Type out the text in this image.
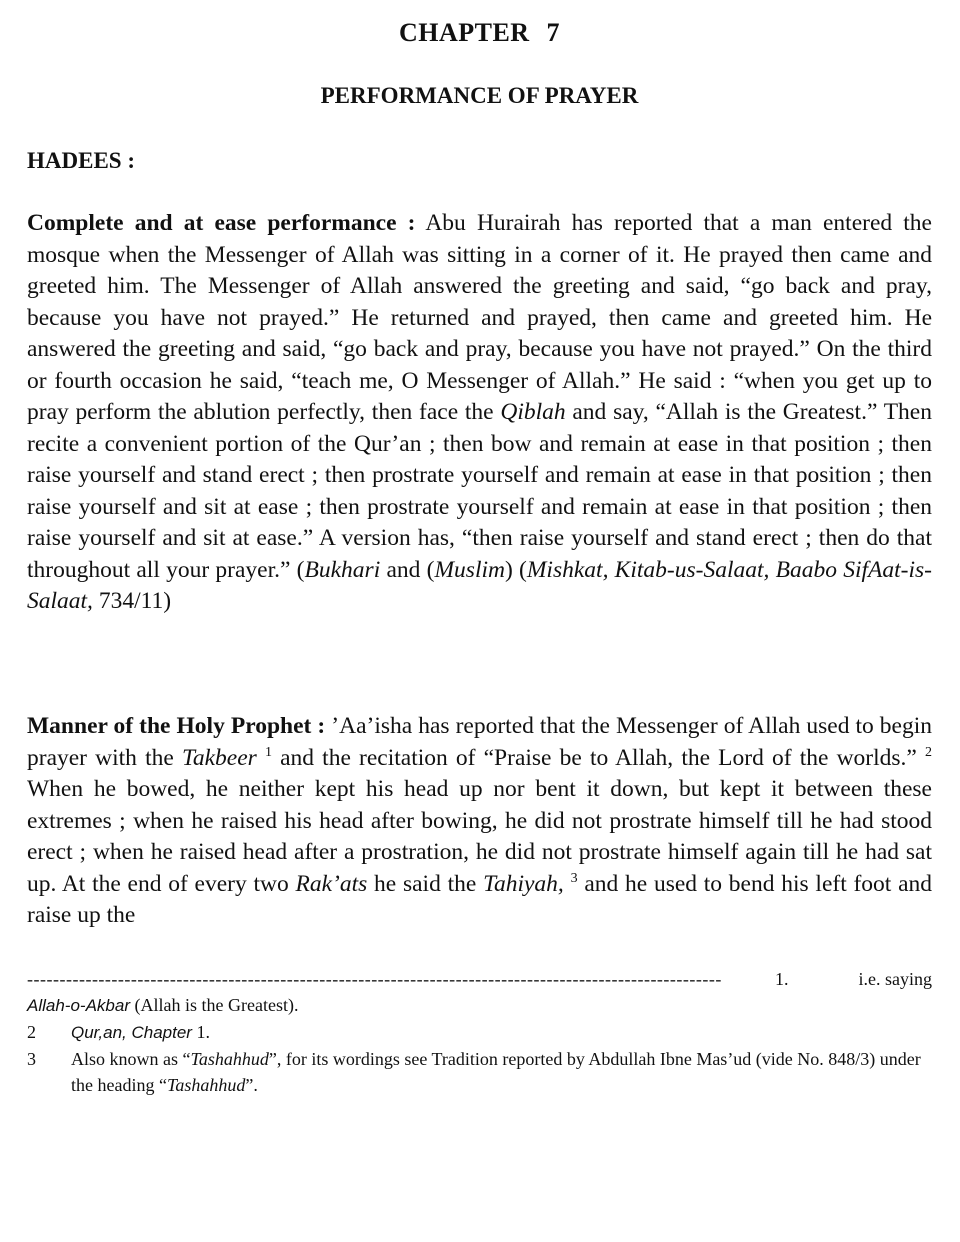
CHAPTER 7
PERFORMANCE OF PRAYER
HADEES :

Complete and at ease performance : Abu Hurairah has reported that a man entered the mosque when the Messenger of Allah was sitting in a corner of it. He prayed then came and greeted him. The Messenger of Allah answered the greeting and said, “go back and pray, because you have not prayed.” He returned and prayed, then came and greeted him. He answered the greeting and said, “go back and pray, because you have not prayed.” On the third or fourth occasion he said, “teach me, O Messenger of Allah.” He said : “when you get up to pray perform the ablution perfectly, then face the Qiblah and say, “Allah is the Greatest.” Then recite a convenient portion of the Qur’an ; then bow and remain at ease in that position ; then raise yourself and stand erect ; then prostrate yourself and remain at ease in that position ; then raise yourself and sit at ease ; then prostrate yourself and remain at ease in that position ; then raise yourself and sit at ease.” A version has, “then raise yourself and stand erect ; then do that throughout all your prayer.” (Bukhari and (Muslim) (Mishkat, Kitab-us-Salaat, Baabo SifAat-is-Salaat, 734/11)

Manner of the Holy Prophet : ’Aa’isha has reported that the Messenger of Allah used to begin prayer with the Takbeer $^1$ and the recitation of “Praise be to Allah, the Lord of the worlds.” $^2$ When he bowed, he neither kept his head up nor bent it down, but kept it between these extremes ; when he raised his head after bowing, he did not prostrate himself till he had stood erect ; when he raised head after a prostration, he did not prostrate himself again till he had sat up. At the end of every two Rak’ats he said the Tahiyah, $^3$ and he used to bend his left foot and raise up the

-----------------------------------------------------------------------------------------------------------	1.	i.e. saying
Allah-o-Akbar (Allah is the Greatest).
2	Qur,an, Chapter 1.
3	Also known as “Tashahhud”, for its wordings see Tradition reported by Abdullah Ibne Mas’ud (vide No. 848/3) under the heading “Tashahhud”.
